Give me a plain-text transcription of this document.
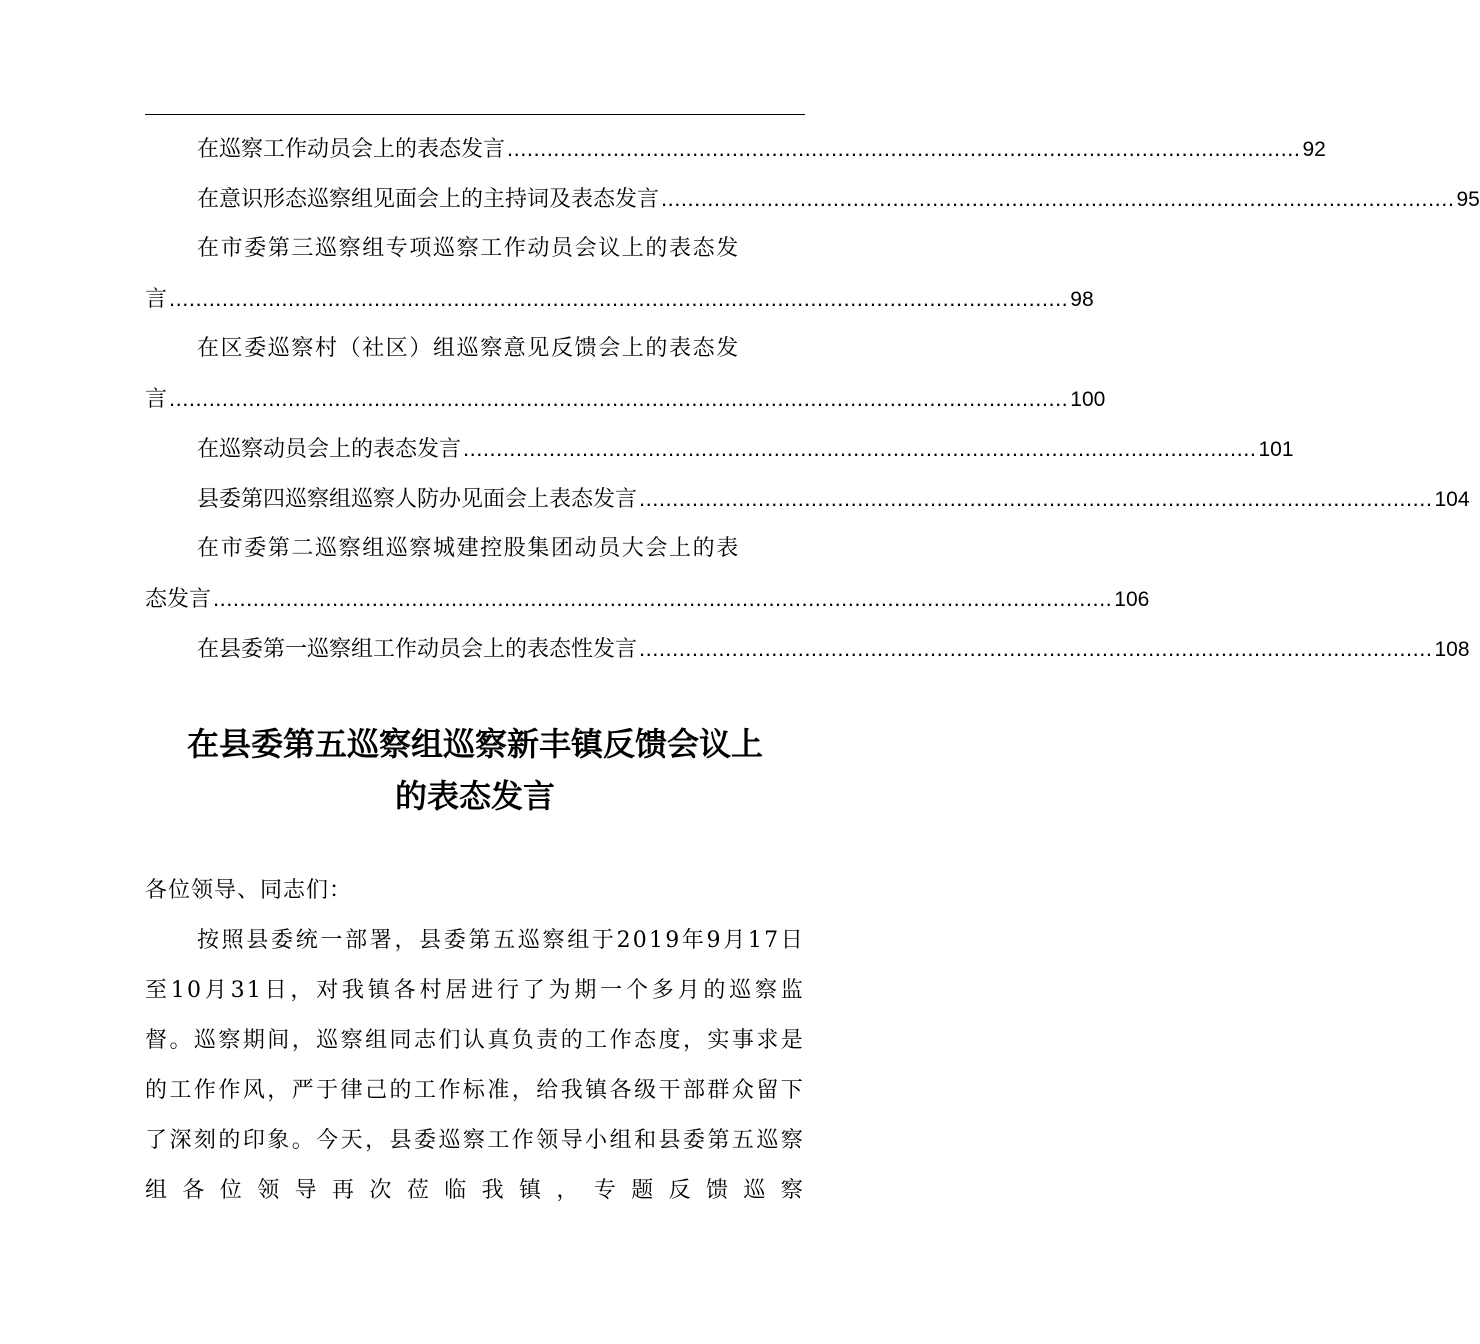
在巡察工作动员会上的表态发言 ........................................................................................................................ 92
在意识形态巡察组见面会上的主持词及表态发言 ........................................................................................................................ 95
在市委第三巡察组专项巡察工作动员会议上的表态发
言 ........................................................................................................................................ 98
在区委巡察村（社区）组巡察意见反馈会上的表态发
言 ........................................................................................................................................ 100
在巡察动员会上的表态发言 ........................................................................................................................ 101
县委第四巡察组巡察人防办见面会上表态发言 ........................................................................................................................ 104
在市委第二巡察组巡察城建控股集团动员大会上的表
态发言 ........................................................................................................................................ 106
在县委第一巡察组工作动员会上的表态性发言 ........................................................................................................................ 108
在县委第五巡察组巡察新丰镇反馈会议上
的表态发言
各位领导、同志们：
按照县委统一部署，县委第五巡察组于2019年9月17日至10月31日，对我镇各村居进行了为期一个多月的巡察监督。巡察期间，巡察组同志们认真负责的工作态度，实事求是的工作作风，严于律己的工作标准，给我镇各级干部群众留下了深刻的印象。今天，县委巡察工作领导小组和县委第五巡察组各位领导再次莅临我镇，专题反馈巡察
